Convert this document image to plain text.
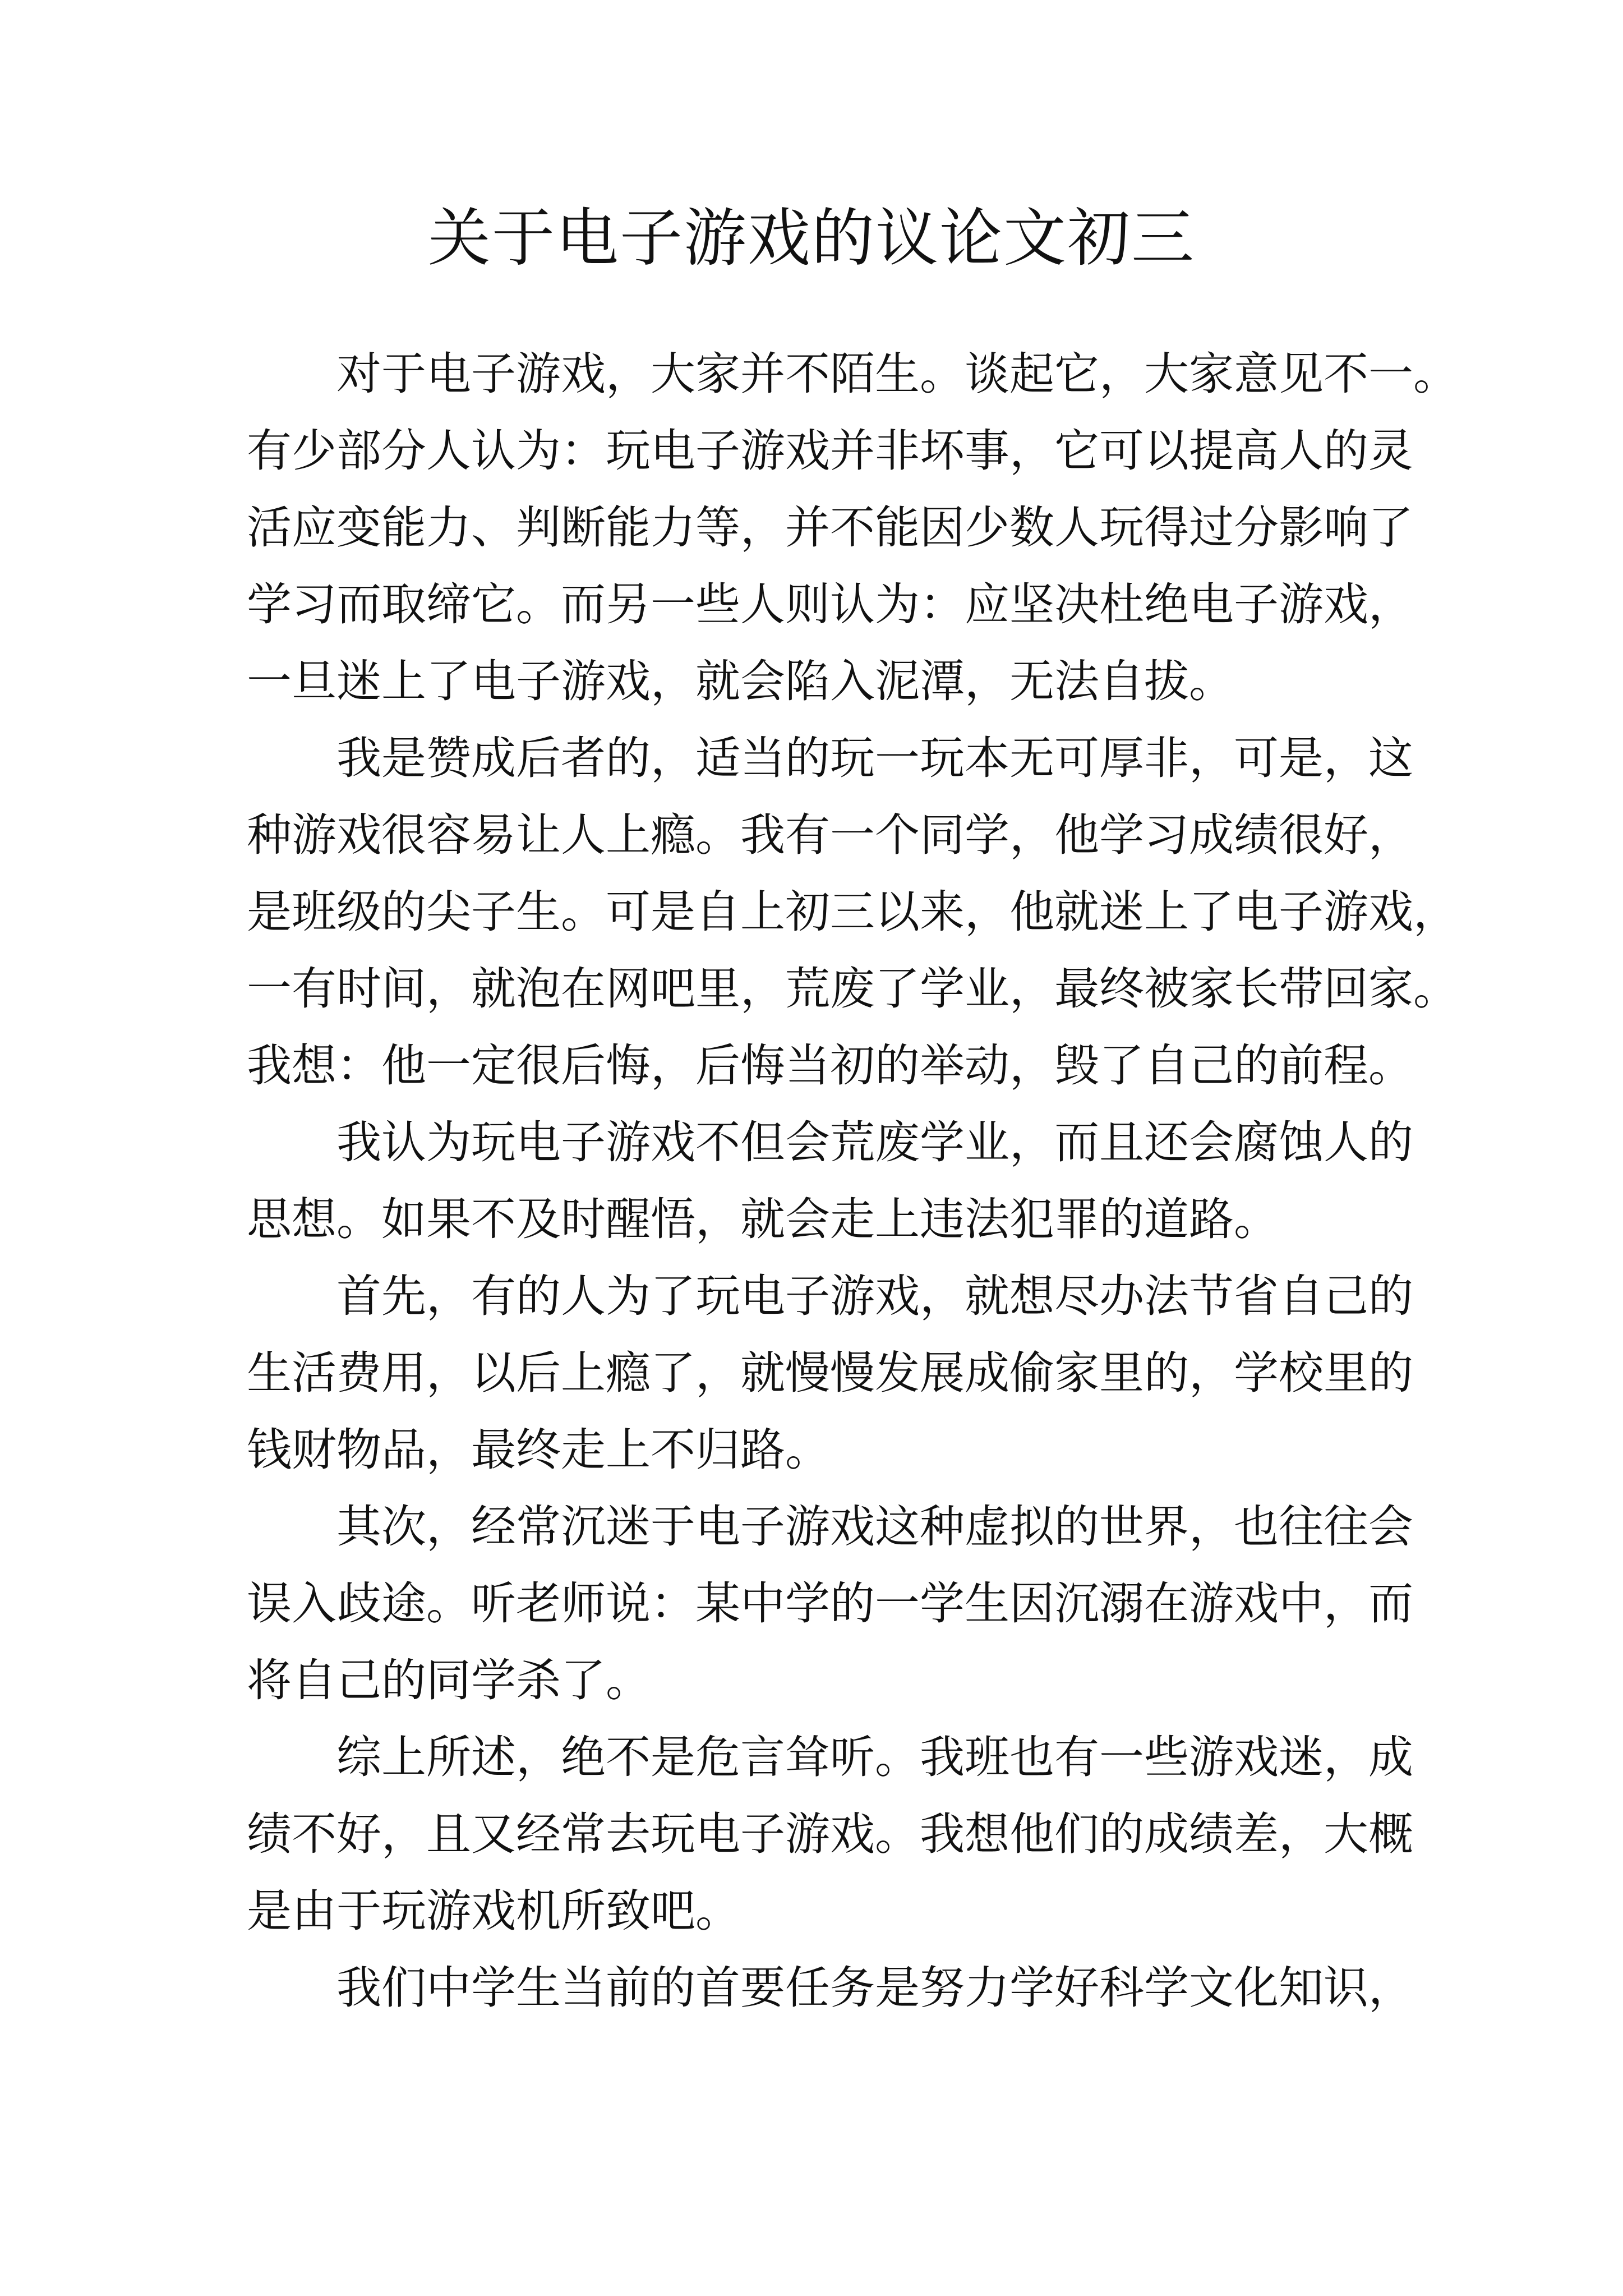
关于电子游戏的议论文初三
对于电子游戏，大家并不陌生。谈起它，大家意见不一。
有少部分人认为：玩电子游戏并非坏事，它可以提高人的灵
活应变能力、判断能力等，并不能因少数人玩得过分影响了
学习而取缔它。而另一些人则认为：应坚决杜绝电子游戏，
一旦迷上了电子游戏，就会陷入泥潭，无法自拔。
我是赞成后者的，适当的玩一玩本无可厚非，可是，这
种游戏很容易让人上瘾。我有一个同学，他学习成绩很好，
是班级的尖子生。可是自上初三以来，他就迷上了电子游戏，
一有时间，就泡在网吧里，荒废了学业，最终被家长带回家。
我想：他一定很后悔，后悔当初的举动，毁了自己的前程。
我认为玩电子游戏不但会荒废学业，而且还会腐蚀人的
思想。如果不及时醒悟，就会走上违法犯罪的道路。
首先，有的人为了玩电子游戏，就想尽办法节省自己的
生活费用，以后上瘾了，就慢慢发展成偷家里的，学校里的
钱财物品，最终走上不归路。
其次，经常沉迷于电子游戏这种虚拟的世界，也往往会
误入歧途。听老师说：某中学的一学生因沉溺在游戏中，而
将自己的同学杀了。
综上所述，绝不是危言耸听。我班也有一些游戏迷，成
绩不好，且又经常去玩电子游戏。我想他们的成绩差，大概
是由于玩游戏机所致吧。
我们中学生当前的首要任务是努力学好科学文化知识，
